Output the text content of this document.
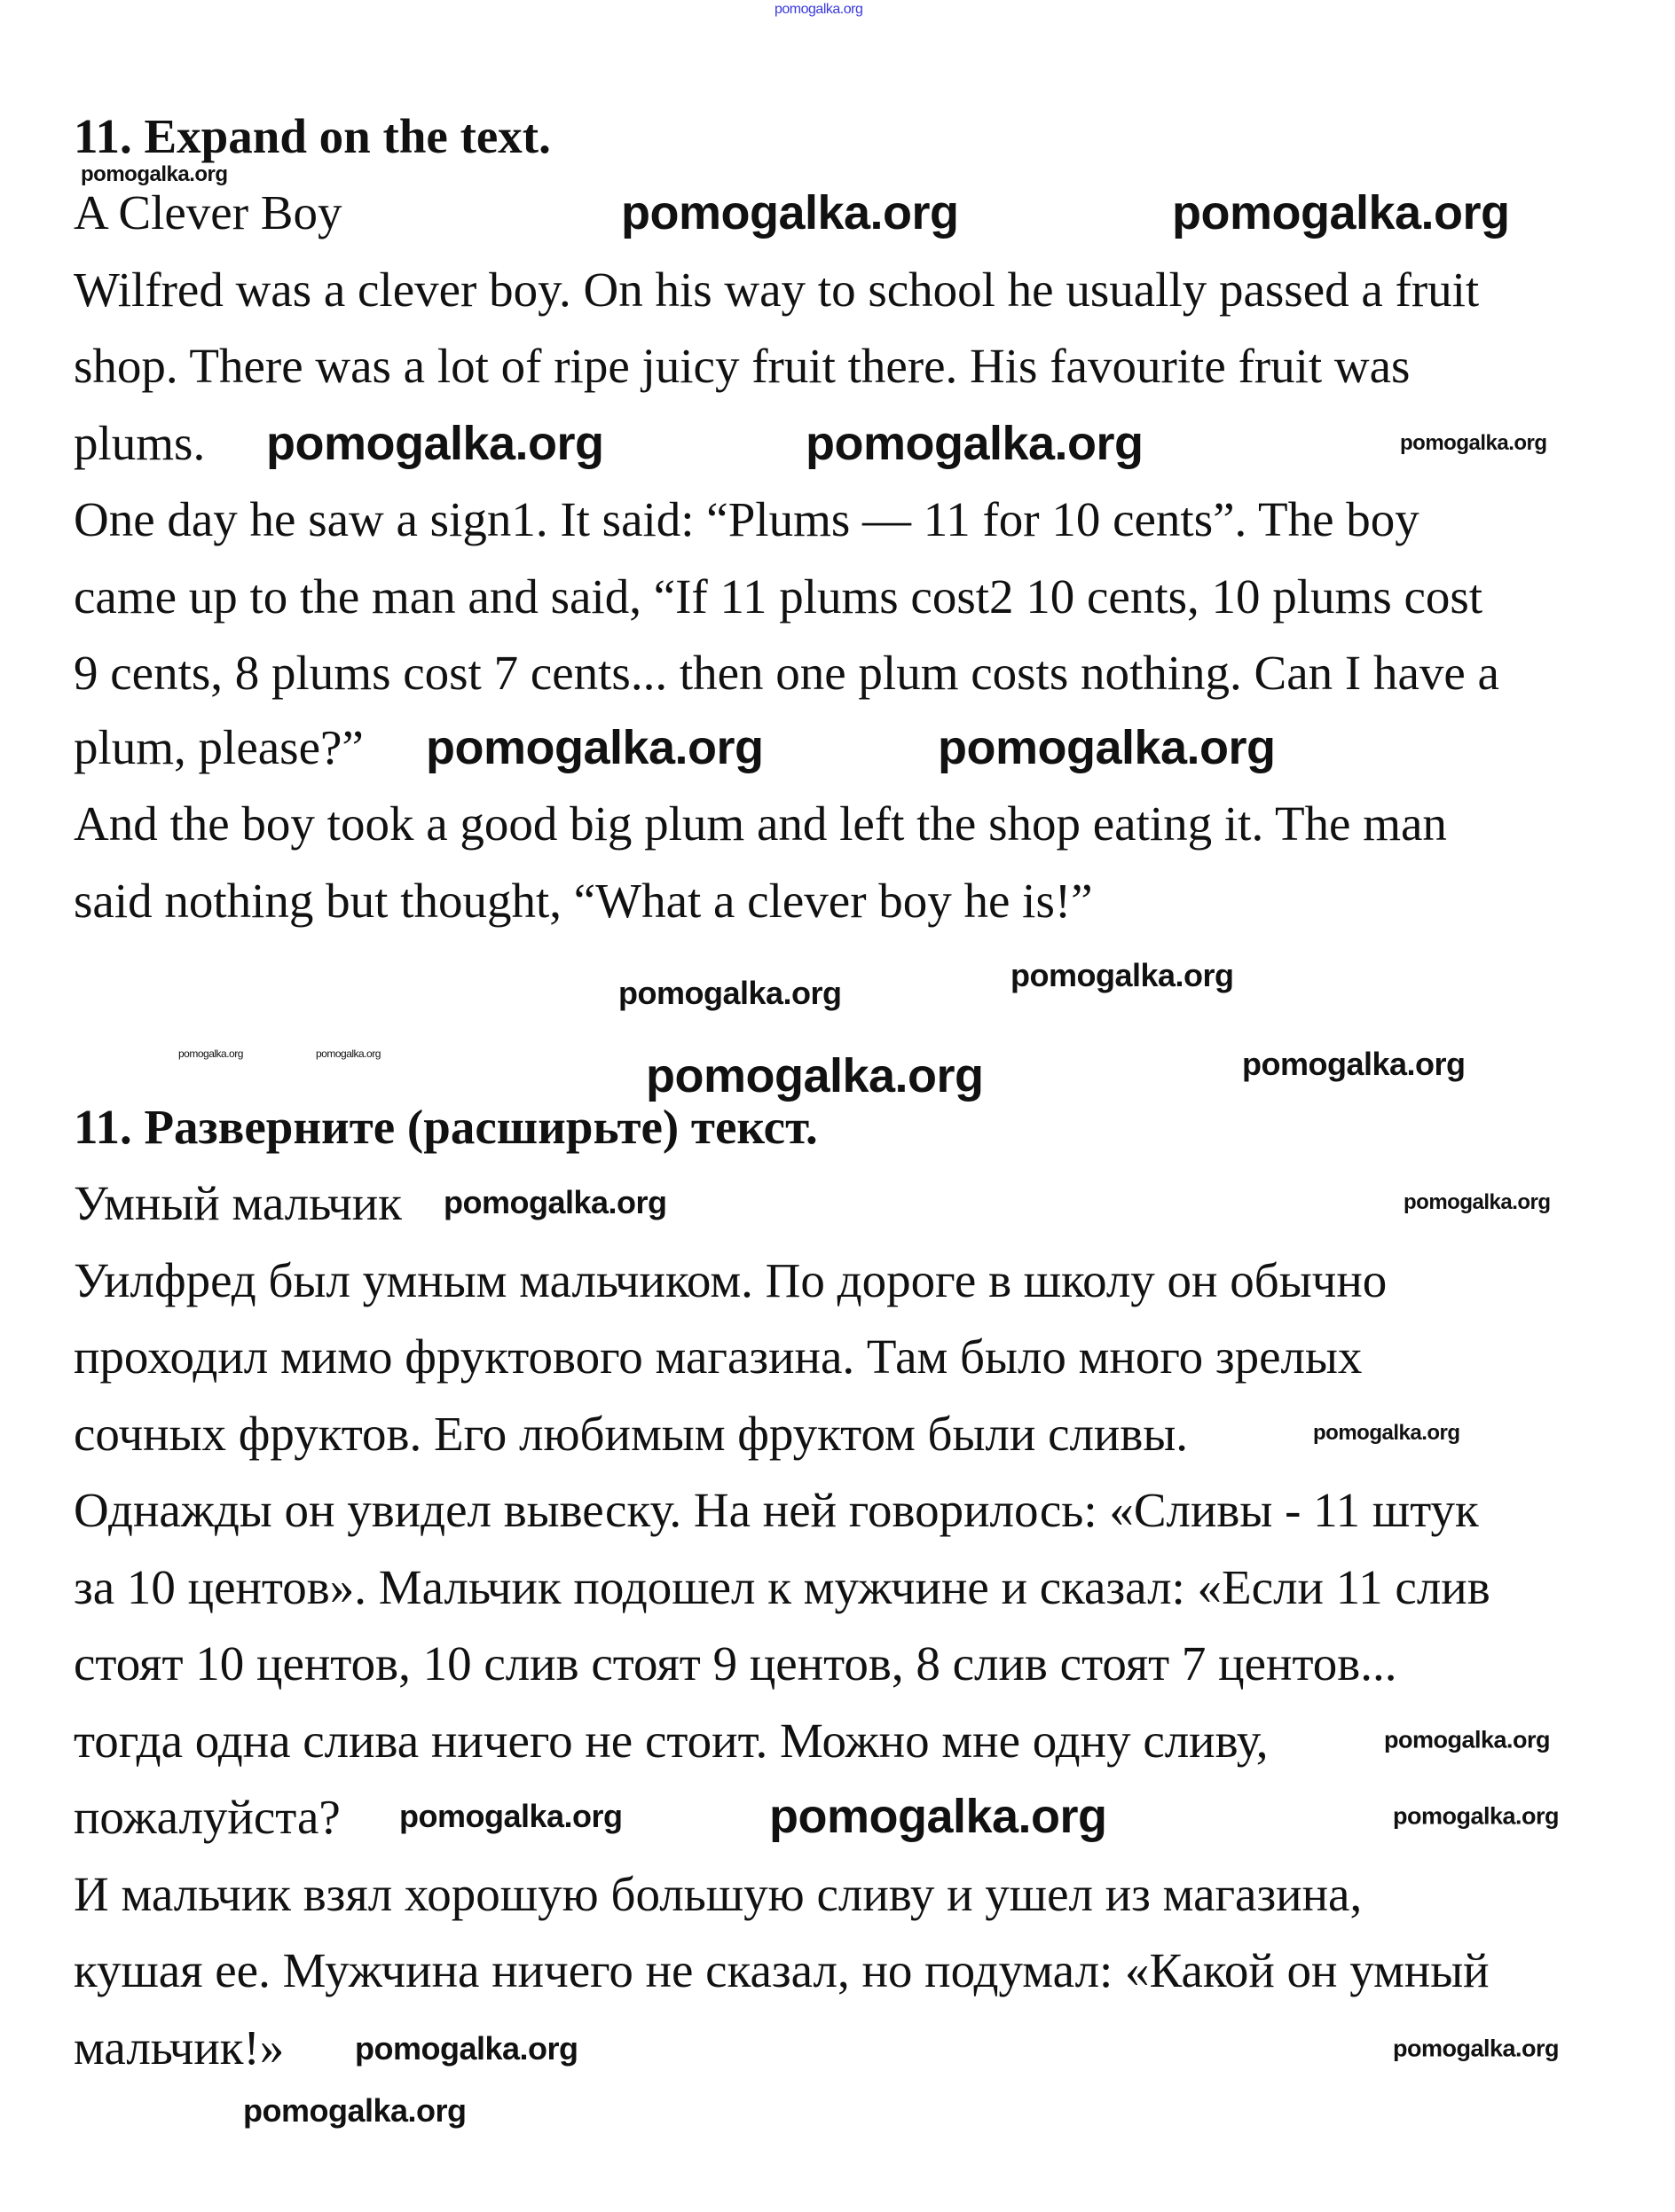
pomogalka.org
11. Expand on the text.
A Clever Boy
Wilfred was a clever boy. On his way to school he usually passed a fruit
shop. There was a lot of ripe juicy fruit there. His favourite fruit was
plums.
One day he saw a sign1. It said: “Plums — 11 for 10 cents”. The boy
came up to the man and said, “If 11 plums cost2 10 cents, 10 plums cost
9 cents, 8 plums cost 7 cents... then one plum costs nothing. Can I have a
plum, please?”
And the boy took a good big plum and left the shop eating it. The man
said nothing but thought, “What a clever boy he is!”
11. Разверните (расширьте) текст.
Умный мальчик
Уилфред был умным мальчиком. По дороге в школу он обычно
проходил мимо фруктового магазина. Там было много зрелых
сочных фруктов. Его любимым фруктом были сливы.
Однажды он увидел вывеску. На ней говорилось: «Сливы - 11 штук
за 10 центов». Мальчик подошел к мужчине и сказал: «Если 11 слив
стоят 10 центов, 10 слив стоят 9 центов, 8 слив стоят 7 центов...
тогда одна слива ничего не стоит. Можно мне одну сливу,
пожалуйста?
И мальчик взял хорошую большую сливу и ушел из магазина,
кушая ее. Мужчина ничего не сказал, но подумал: «Какой он умный
мальчик!»
pomogalka.org
pomogalka.org	pomogalka.org
pomogalka.org	pomogalka.org	pomogalka.org
pomogalka.org	pomogalka.org
pomogalka.org	pomogalka.org	pomogalka.org	pomogalka.org
pomogalka.org	pomogalka.org
pomogalka.org	pomogalka.org
pomogalka.org
pomogalka.org
pomogalka.org
pomogalka.org
pomogalka.org	pomogalka.org
pomogalka.org
pomogalka.org
